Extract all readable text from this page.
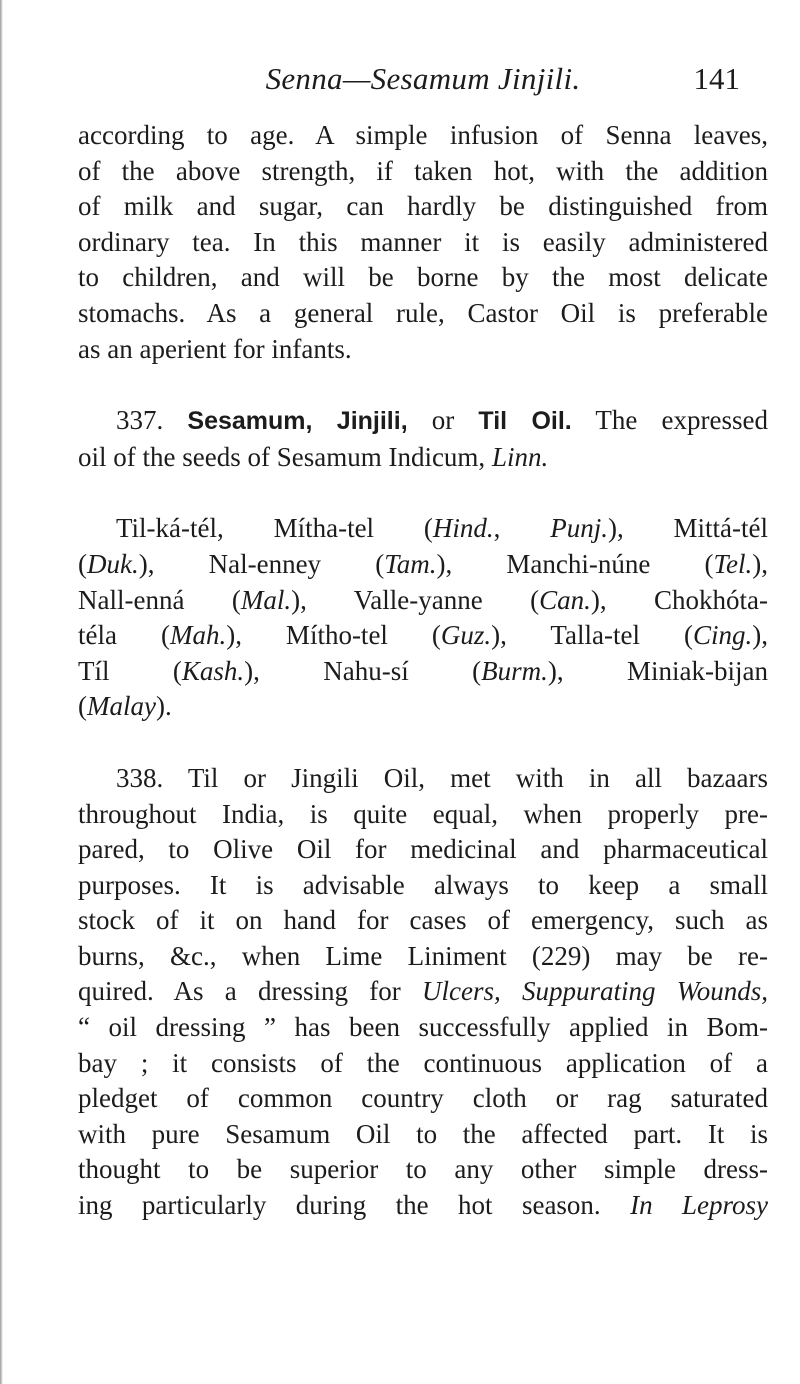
Senna—Sesamum Jinjili.	141
according to age. A simple infusion of Senna leaves,
of the above strength, if taken hot, with the addition
of milk and sugar, can hardly be distinguished from
ordinary tea. In this manner it is easily administered
to children, and will be borne by the most delicate
stomachs. As a general rule, Castor Oil is preferable
as an aperient for infants.
337. Sesamum, Jinjili, or Til Oil. The expressed
oil of the seeds of Sesamum Indicum, Linn.
Til-ká-tél, Mítha-tel (Hind., Punj.), Mittá-tél
(Duk.), Nal-enney (Tam.), Manchi-núne (Tel.),
Nall-enná (Mal.), Valle-yanne (Can.), Chokhóta-
téla (Mah.), Mítho-tel (Guz.), Talla-tel (Cing.),
Tíl (Kash.), Nahu-sí (Burm.), Miniak-bijan
(Malay).
338. Til or Jingili Oil, met with in all bazaars
throughout India, is quite equal, when properly pre-
pared, to Olive Oil for medicinal and pharmaceutical
purposes. It is advisable always to keep a small
stock of it on hand for cases of emergency, such as
burns, &c., when Lime Liniment (229) may be re-
quired. As a dressing for Ulcers, Suppurating Wounds,
“ oil dressing ” has been successfully applied in Bom-
bay ; it consists of the continuous application of a
pledget of common country cloth or rag saturated
with pure Sesamum Oil to the affected part. It is
thought to be superior to any other simple dress-
ing particularly during the hot season. In Leprosy
